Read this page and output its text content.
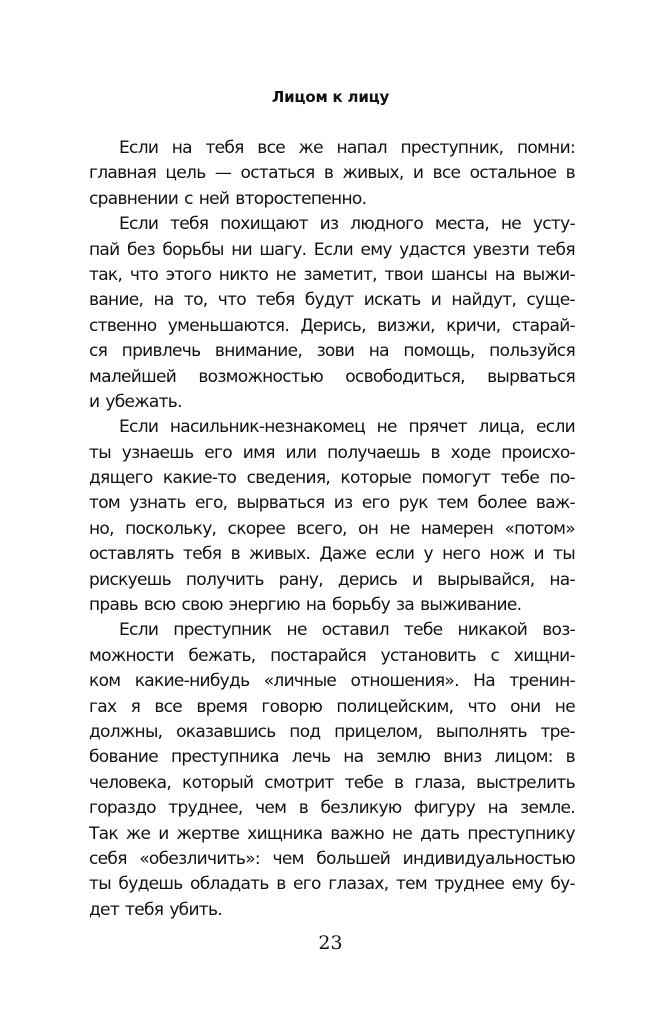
Лицом к лицу
Если на тебя все же напал преступник, помни:
главная цель — остаться в живых, и все остальное в
сравнении с ней второстепенно.
Если тебя похищают из людного места, не усту-
пай без борьбы ни шагу. Если ему удастся увезти тебя
так, что этого никто не заметит, твои шансы на выжи-
вание, на то, что тебя будут искать и найдут, суще-
ственно уменьшаются. Дерись, визжи, кричи, старай-
ся привлечь внимание, зови на помощь, пользуйся
малейшей возможностью освободиться, вырваться
и убежать.
Если насильник-незнакомец не прячет лица, если
ты узнаешь его имя или получаешь в ходе происхо-
дящего какие-то сведения, которые помогут тебе по-
том узнать его, вырваться из его рук тем более важ-
но, поскольку, скорее всего, он не намерен «потом»
оставлять тебя в живых. Даже если у него нож и ты
рискуешь получить рану, дерись и вырывайся, на-
правь всю свою энергию на борьбу за выживание.
Если преступник не оставил тебе никакой воз-
можности бежать, постарайся установить с хищни-
ком какие-нибудь «личные отношения». На тренин-
гах я все время говорю полицейским, что они не
должны, оказавшись под прицелом, выполнять тре-
бование преступника лечь на землю вниз лицом: в
человека, который смотрит тебе в глаза, выстрелить
гораздо труднее, чем в безликую фигуру на земле.
Так же и жертве хищника важно не дать преступнику
себя «обезличить»: чем большей индивидуальностью
ты будешь обладать в его глазах, тем труднее ему бу-
дет тебя убить.
23
